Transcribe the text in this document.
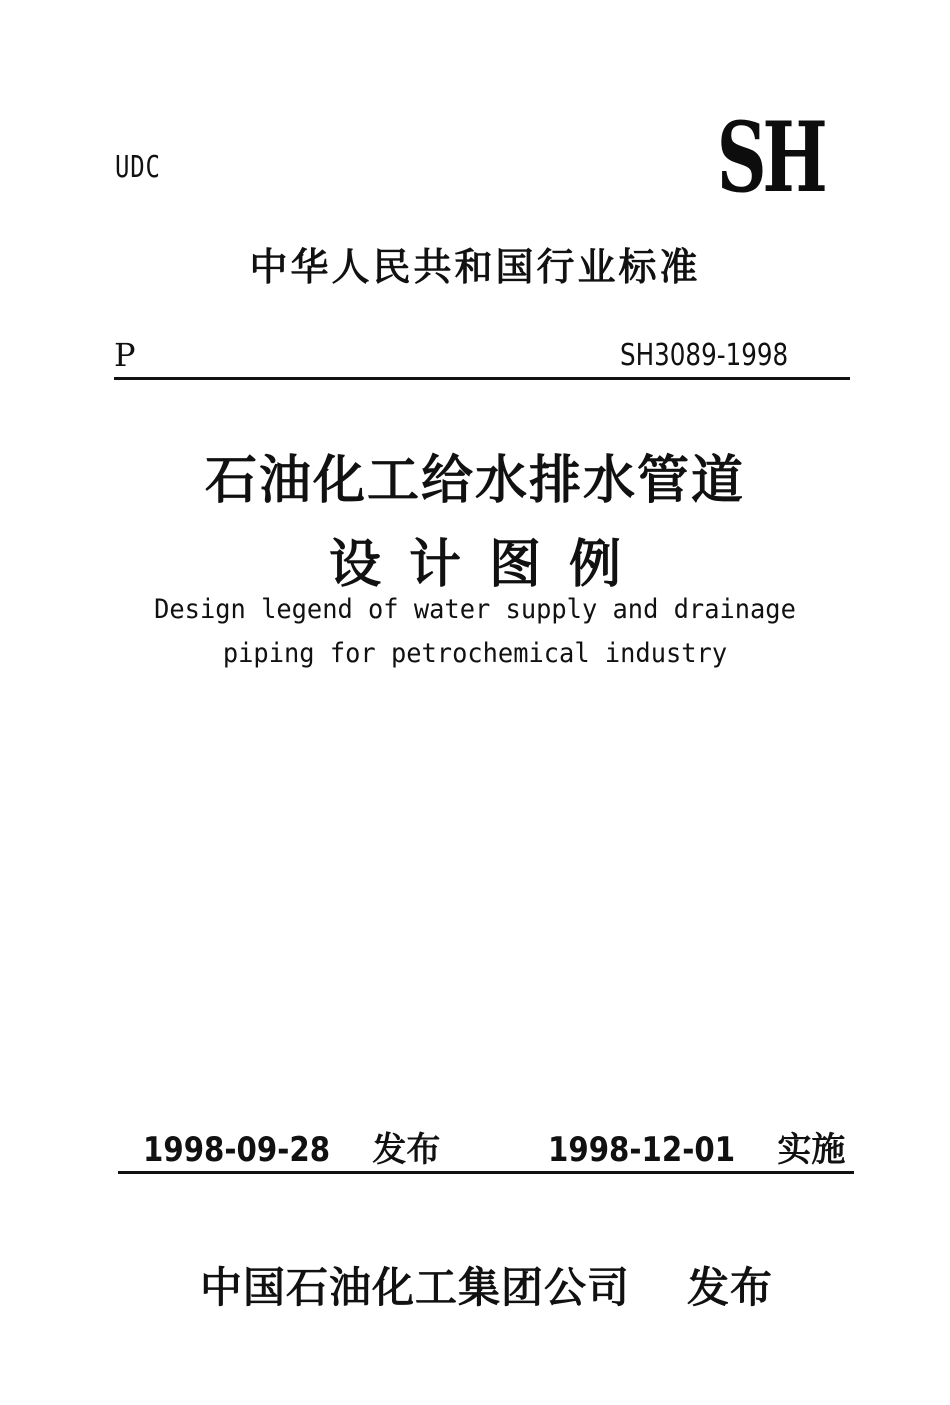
UDC	SH
中华人民共和国行业标准
P	SH3089-1998
石油化工给水排水管道
设计图例
Design legend of water supply and drainage
piping for petrochemical industry
1998-09-28 发布	1998-12-01 实施
中国石油化工集团公司 发布
